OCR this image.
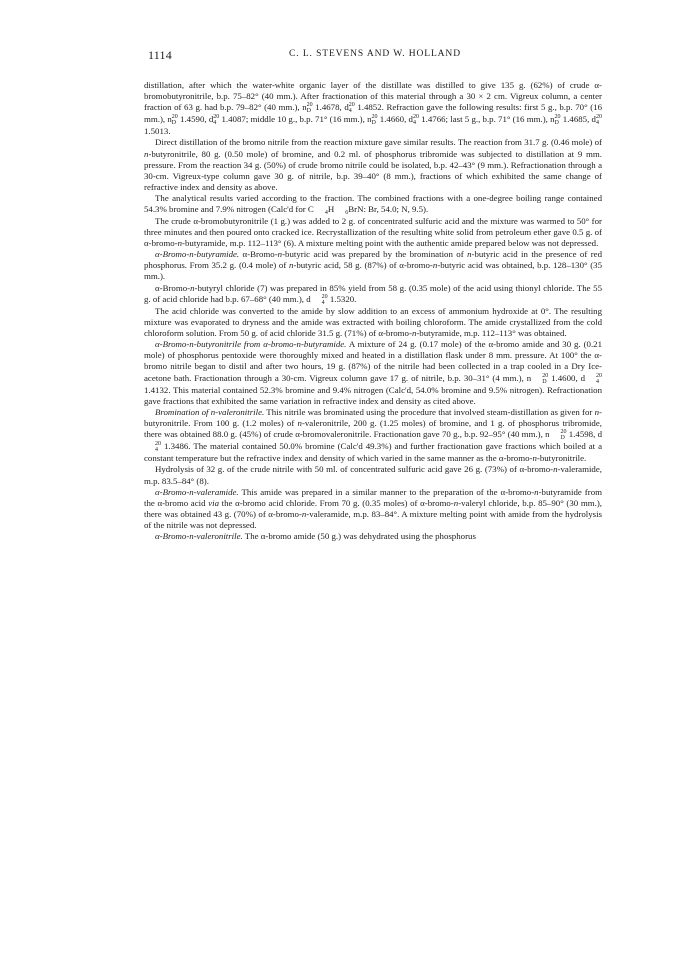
1114	C. L. STEVENS AND W. HOLLAND

distillation, after which the water-white organic layer of the distillate was distilled to give 135 g. (62%) of crude α-bromobutyronitrile, b.p. 75–82° (40 mm.). After fractionation of this material through a 30 × 2 cm. Vigreux column, a center fraction of 63 g. had b.p. 79–82° (40 mm.), n 20
D 1.4678, d 20
4 1.4852. Refraction gave the following results: first 5 g., b.p. 70° (16 mm.), n 20
D 1.4590, d 20
4 1.4087; middle 10 g., b.p. 71° (16 mm.), n 20
D 1.4660, d 20
4 1.4766; last 5 g., b.p. 71° (16 mm.), n 20
D 1.4685, d 20
4
1.5013.

Direct distillation of the bromo nitrile from the reaction mixture gave similar results. The reaction from 31.7 g. (0.46 mole) of n-butyronitrile, 80 g. (0.50 mole) of bromine, and 0.2 ml. of phosphorus tribromide was subjected to distillation at 9 mm. pressure. From the reaction 34 g. (50%) of crude bromo nitrile could be isolated, b.p. 42–43° (9 mm.). Refractionation through a 30-cm. Vigreux-type column gave 30 g. of nitrile, b.p. 39–40° (8 mm.), fractions of which exhibited the same change of refractive index and density as above.

The analytical results varied according to the fraction. The combined fractions with a one-degree boiling range contained 54.3% bromine and 7.9% nitrogen (Calc'd for C	4 H	6 BrN: Br, 54.0; N, 9.5).

The crude α-bromobutyronitrile (1 g.) was added to 2 g. of concentrated sulfuric acid and the mixture was warmed to 50° for three minutes and then poured onto cracked ice. Recrystallization of the resulting white solid from petroleum ether gave 0.5 g. of α-bromo-n-butyramide, m.p. 112–113° (6). A mixture melting point with the authentic amide prepared below was not depressed.

α-Bromo-n-butyramide. α-Bromo-n-butyric acid was prepared by the bromination of n-butyric acid in the presence of red phosphorus. From 35.2 g. (0.4 mole) of n-butyric acid, 58 g. (87%) of α-bromo-n-butyric acid was obtained, b.p. 128–130° (35 mm.).

α-Bromo-n-butyryl chloride (7) was prepared in 85% yield from 58 g. (0.35 mole) of the acid using thionyl chloride. The 55 g. of acid chloride had b.p. 67–68° (40 mm.), d	20
4 1.5320.

The acid chloride was converted to the amide by slow addition to an excess of ammonium hydroxide at 0°. The resulting mixture was evaporated to dryness and the amide was extracted with boiling chloroform. The amide crystallized from the cold chloroform solution. From 50 g. of acid chloride 31.5 g. (71%) of α-bromo-n-butyramide, m.p. 112–113° was obtained.

α-Bromo-n-butyronitrile from α-bromo-n-butyramide. A mixture of 24 g. (0.17 mole) of the α-bromo amide and 30 g. (0.21 mole) of phosphorus pentoxide were thoroughly mixed and heated in a distillation flask under 8 mm. pressure. At 100° the α-bromo nitrile began to distil and after two hours, 19 g. (87%) of the nitrile had been collected in a trap cooled in a Dry Ice-acetone bath. Fractionation through a 30-cm. Vigreux column gave 17 g. of nitrile, b.p. 30–31° (4 mm.), n	20
D 1.4600, d	20
4
1.4132. This material contained 52.3% bromine and 9.4% nitrogen (Calc'd, 54.0% bromine and 9.5% nitrogen). Refractionation gave fractions that exhibited the same variation in refractive index and density as cited above.

Bromination of n-valeronitrile. This nitrile was brominated using the procedure that involved steam-distillation as given for n-butyronitrile. From 100 g. (1.2 moles) of n-valeronitrile, 200 g. (1.25 moles) of bromine, and 1 g. of phosphorus tribromide, there was obtained 88.0 g. (45%) of crude α-bromovaleronitrile. Fractionation gave 70 g., b.p. 92–95° (40 mm.), n	20
D 1.4598, d
20
4 1.3486. The material contained 50.0% bromine (Calc'd 49.3%) and further fractionation gave fractions which boiled at a constant temperature but the refractive index and density of which varied in the same manner as the α-bromo-n-butyronitrile.

Hydrolysis of 32 g. of the crude nitrile with 50 ml. of concentrated sulfuric acid gave 26 g. (73%) of α-bromo-n-valeramide, m.p. 83.5–84° (8).

α-Bromo-n-valeramide. This amide was prepared in a similar manner to the preparation of the α-bromo-n-butyramide from the α-bromo acid via the α-bromo acid chloride. From 70 g. (0.35 moles) of α-bromo-n-valeryl chloride, b.p. 85–90° (30 mm.), there was obtained 43 g. (70%) of α-bromo-n-valeramide, m.p. 83–84°. A mixture melting point with amide from the hydrolysis of the nitrile was not depressed.

α-Bromo-n-valeronitrile. The α-bromo amide (50 g.) was dehydrated using the phosphorus
